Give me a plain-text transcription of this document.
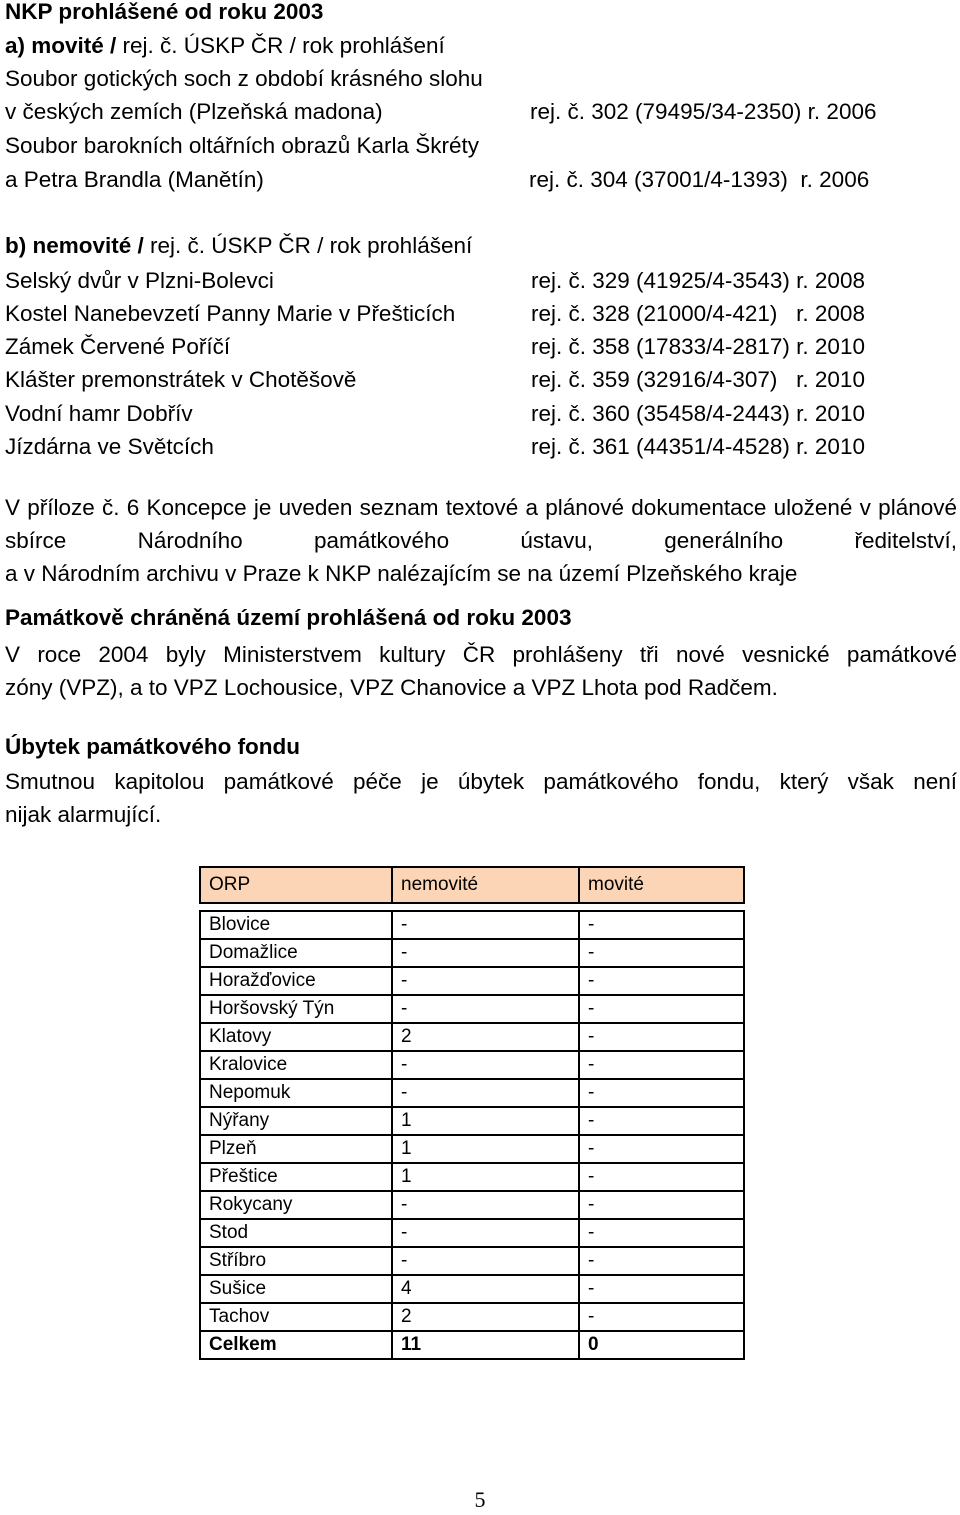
NKP prohlášené od roku 2003
a) movité / rej. č. ÚSKP ČR / rok prohlášení
Soubor gotických soch z období krásného slohu
v českých zemích (Plzeňská madona)	rej. č. 302 (79495/34-2350) r. 2006
Soubor barokních oltářních obrazů Karla Škréty
a Petra Brandla (Manětín)	rej. č. 304 (37001/4-1393)  r. 2006
b) nemovité / rej. č. ÚSKP ČR / rok prohlášení
Selský dvůr v Plzni-Bolevci	rej. č. 329 (41925/4-3543) r. 2008
Kostel Nanebevzetí Panny Marie v Přešticích	rej. č. 328 (21000/4-421)   r. 2008
Zámek Červené Poříčí	rej. č. 358 (17833/4-2817) r. 2010
Klášter premonstrátek v Chotěšově	rej. č. 359 (32916/4-307)   r. 2010
Vodní hamr Dobřív	rej. č. 360 (35458/4-2443) r. 2010
Jízdárna ve Světcích	rej. č. 361 (44351/4-4528) r. 2010
V příloze č. 6 Koncepce je uveden seznam textové a plánové dokumentace uložené v plánové sbírce Národního památkového ústavu, generálního ředitelství,
a v Národním archivu v Praze k NKP nalézajícím se na území Plzeňského kraje
Památkově chráněná území prohlášená od roku 2003
V roce 2004 byly Ministerstvem kultury ČR prohlášeny tři nové vesnické památkové
zóny (VPZ), a to VPZ Lochousice, VPZ Chanovice a VPZ Lhota pod Radčem.
Úbytek památkového fondu
Smutnou kapitolou památkové péče je úbytek památkového fondu, který však není
nijak alarmující.
ORP	nemovité	movité

Blovice	-	-
Domažlice	-	-
Horažďovice	-	-
Horšovský Týn	-	-
Klatovy	2	-
Kralovice	-	-
Nepomuk	-	-
Nýřany	1	-
Plzeň	1	-
Přeštice	1	-
Rokycany	-	-
Stod	-	-
Stříbro	-	-
Sušice	4	-
Tachov	2	-
Celkem	11	0
5
